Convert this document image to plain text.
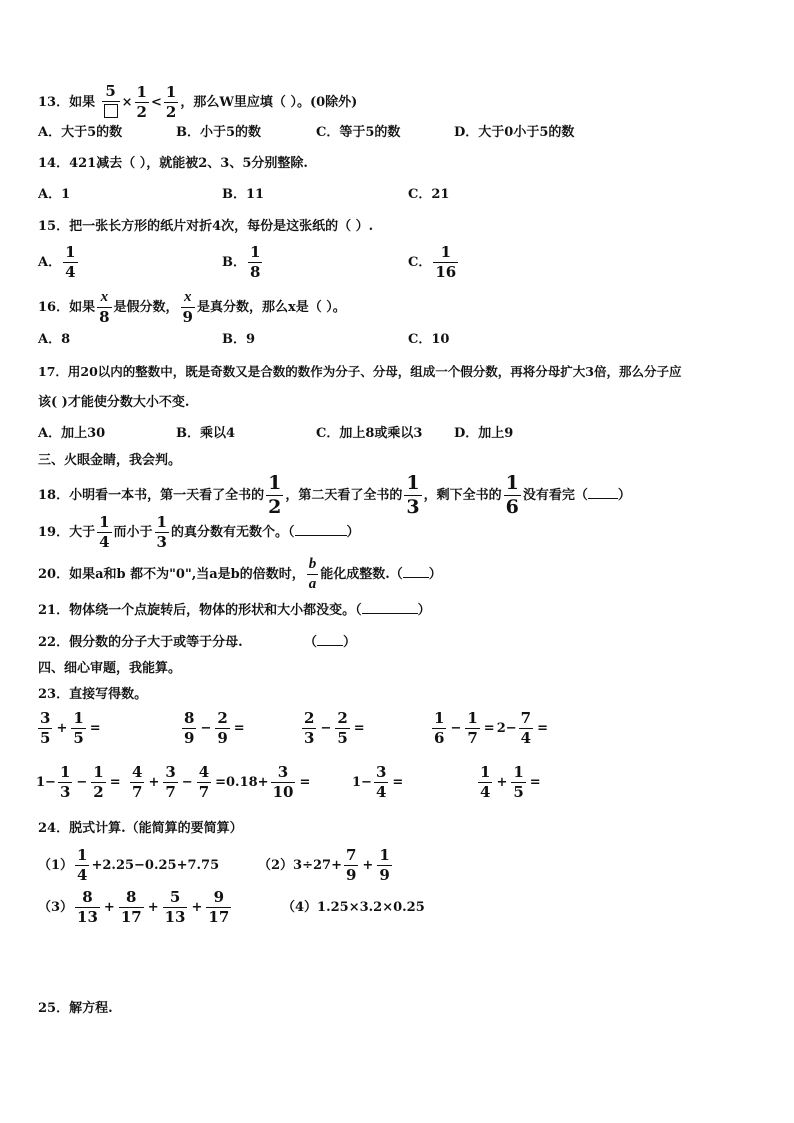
13．如果
5
× $\frac{1}{2} < \frac{1}{2}$ ，那么W里应填（ ）。(0除外)
A．大于5的数	B．小于5的数	C．等于5的数	D．大于0小于5的数
14．421减去（ ），就能被2、3、5分别整除.
A．1	B．11	C．21
15．把一张长方形的纸片对折4次，每份是这张纸的（ ）.
A． $\frac{1}{4}$	B． $\frac{1}{8}$	C． $\frac{1}{16}$
16．如果 $\frac{x}{8}$ 是假分数， $\frac{x}{9}$ 是真分数，那么x是（ ）。
A．8	B．9	C．10
17．用20以内的整数中，既是奇数又是合数的数作为分子、分母，组成一个假分数，再将分母扩大3倍，那么分子应
该( )才能使分数大小不变.
A．加上30	B．乘以4	C．加上8或乘以3 D．加上9
三、火眼金睛，我会判。
18．小明看一本书，第一天看了全书的 $\frac{1}{2}$ ，第二天看了全书的 $\frac{1}{3}$ ，剩下全书的 $\frac{1}{6}$ 没有看完（ ）
19．大于 $\frac{1}{4}$ 而小于 $\frac{1}{3}$ 的真分数有无数个。（	）
20．如果a和b 都不为"0",当a是b的倍数时， $\frac{b}{a}$ 能化成整数.（ ）
21．物体绕一个点旋转后，物体的形状和大小都没变。（	）
22．假分数的分子大于或等于分母.	（ ）
四、细心审题，我能算。
23．直接写得数。
$\frac{3}{5} + \frac{1}{5}$ =	$\frac{8}{9} - \frac{2}{9}$ =	$\frac{2}{3} - \frac{2}{5}$ =	$\frac{1}{6} - \frac{1}{7} = 2- \frac{7}{4}$ =
$1- \frac{1}{3} - \frac{1}{2} = \frac{4}{7} + \frac{3}{7} - \frac{4}{7} = 0.18+ \frac{3}{10}$ =	$1- \frac{3}{4}$ =	$\frac{1}{4} + \frac{1}{5}$ =
24．脱式计算.（能简算的要简算）
$(1) \frac{1}{4} +2.25-0.25+7.75$	$(2)3\div 27+ \frac{7}{9} + \frac{1}{9}$
$(3) \frac{8}{13} + \frac{8}{17} + \frac{5}{13} + \frac{9}{17}$	（4）1.25×3.2×0.25
25．解方程.
